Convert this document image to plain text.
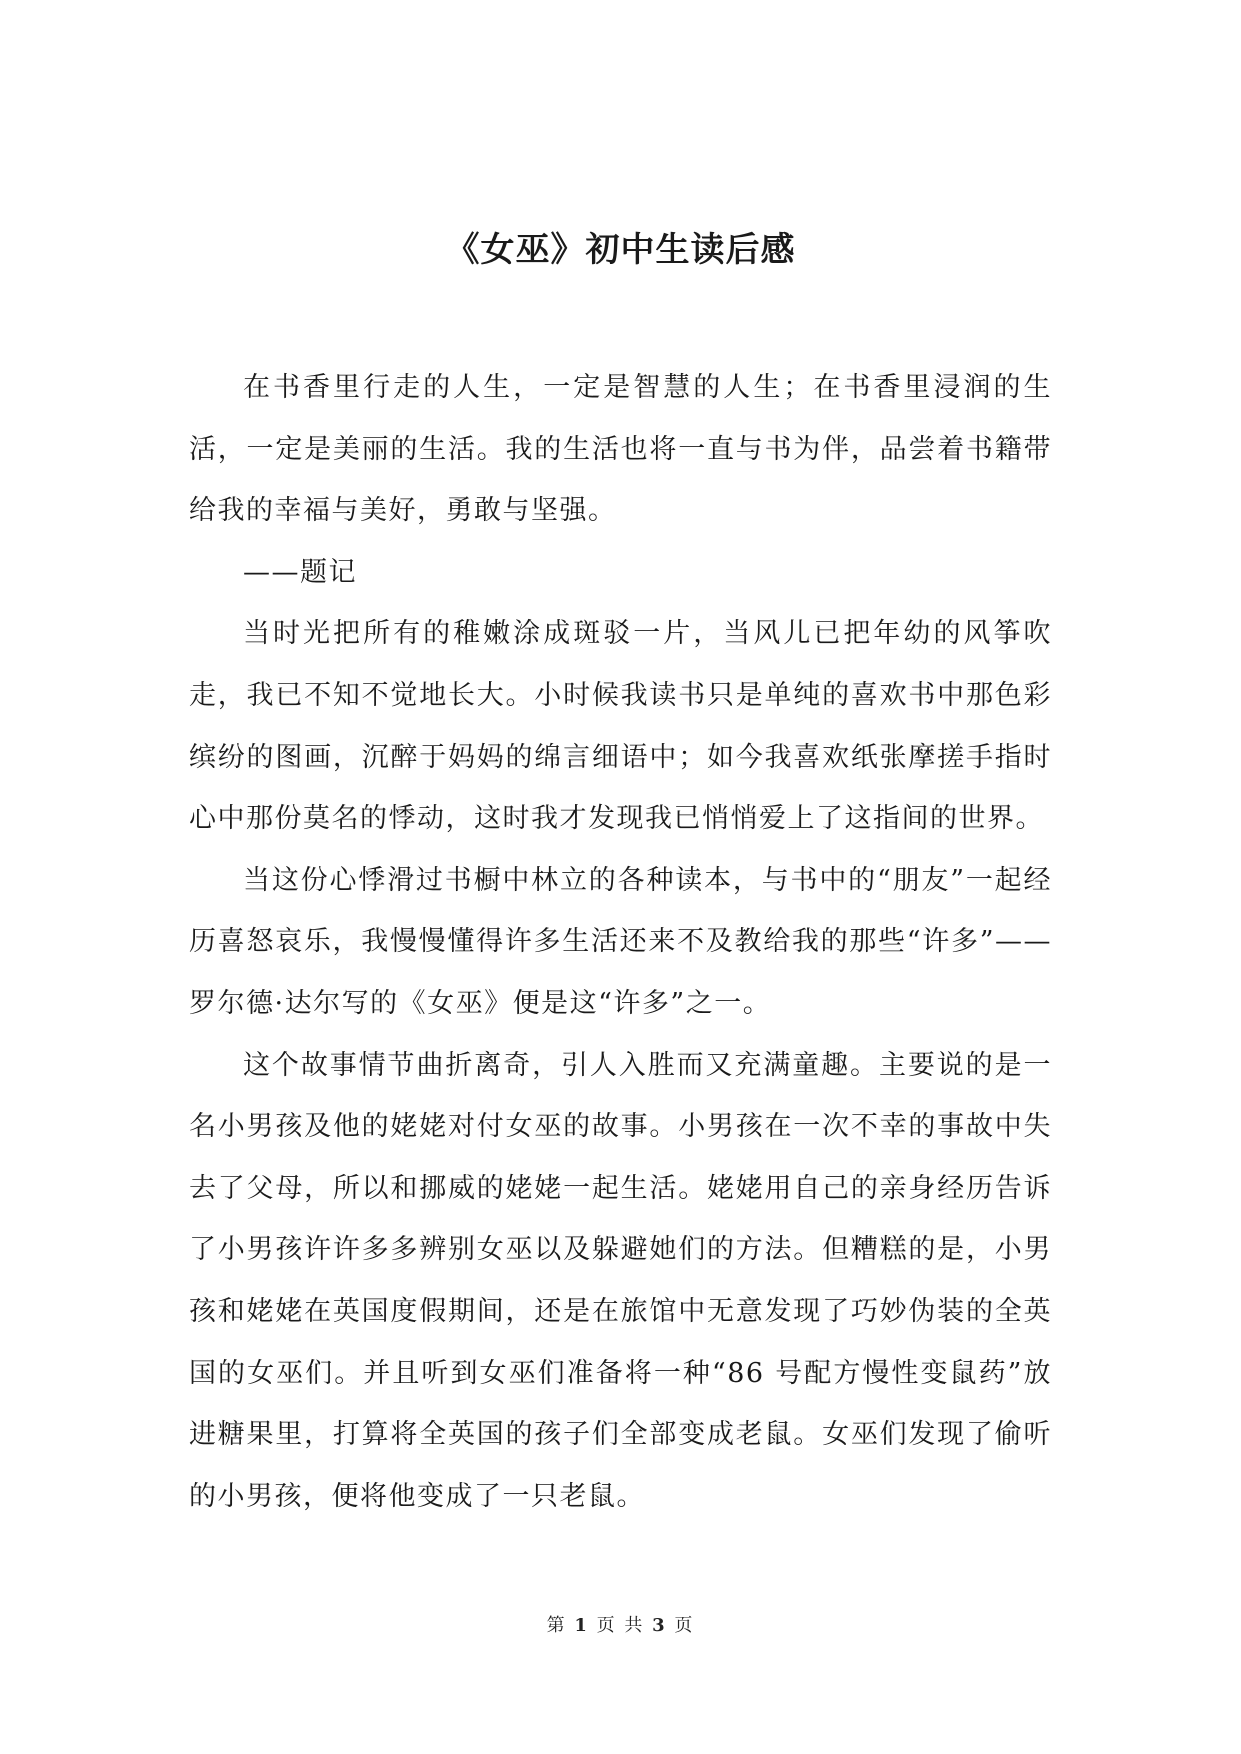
《女巫》初中生读后感

在书香里行走的人生，一定是智慧的人生；在书香里浸润的生活，一定是美丽的生活。我的生活也将一直与书为伴，品尝着书籍带给我的幸福与美好，勇敢与坚强。

——题记

当时光把所有的稚嫩涂成斑驳一片，当风儿已把年幼的风筝吹走，我已不知不觉地长大。小时候我读书只是单纯的喜欢书中那色彩缤纷的图画，沉醉于妈妈的绵言细语中；如今我喜欢纸张摩搓手指时心中那份莫名的悸动，这时我才发现我已悄悄爱上了这指间的世界。

当这份心悸滑过书橱中林立的各种读本，与书中的“朋友”一起经历喜怒哀乐，我慢慢懂得许多生活还来不及教给我的那些“许多”——罗尔德·达尔写的《女巫》便是这“许多”之一。

这个故事情节曲折离奇，引人入胜而又充满童趣。主要说的是一名小男孩及他的姥姥对付女巫的故事。小男孩在一次不幸的事故中失去了父母，所以和挪威的姥姥一起生活。姥姥用自己的亲身经历告诉了小男孩许许多多辨别女巫以及躲避她们的方法。但糟糕的是，小男孩和姥姥在英国度假期间，还是在旅馆中无意发现了巧妙伪装的全英国的女巫们。并且听到女巫们准备将一种“86 号配方慢性变鼠药”放进糖果里，打算将全英国的孩子们全部变成老鼠。女巫们发现了偷听的小男孩，便将他变成了一只老鼠。

第 1 页 共 3 页
